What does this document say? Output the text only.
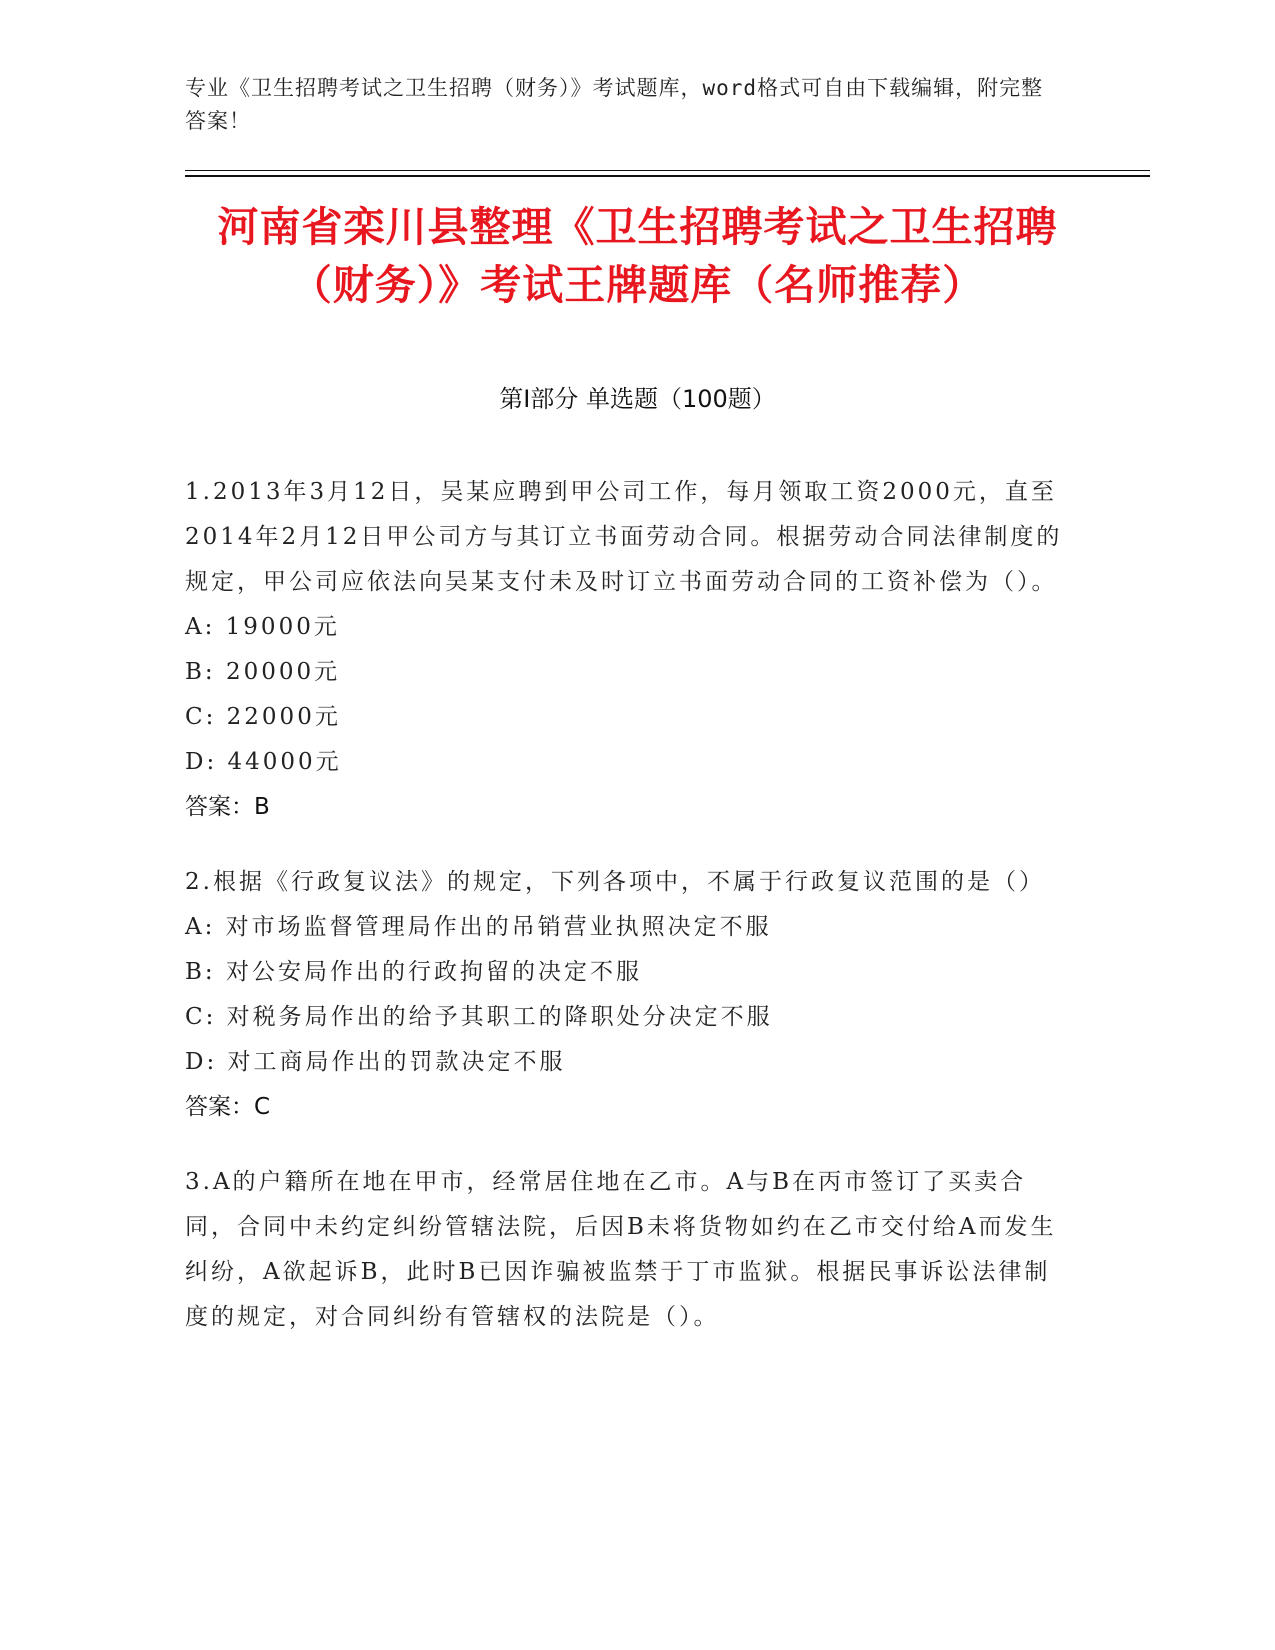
专业《卫生招聘考试之卫生招聘（财务）》考试题库，word格式可自由下载编辑，附完整答案！
河南省栾川县整理《卫生招聘考试之卫生招聘（财务）》考试王牌题库（名师推荐）
第I部分 单选题（100题）
1.2013年3月12日，吴某应聘到甲公司工作，每月领取工资2000元，直至2014年2月12日甲公司方与其订立书面劳动合同。根据劳动合同法律制度的规定，甲公司应依法向吴某支付未及时订立书面劳动合同的工资补偿为（）。
A: 19000元
B: 20000元
C: 22000元
D: 44000元
答案：B
2.根据《行政复议法》的规定，下列各项中，不属于行政复议范围的是（）
A: 对市场监督管理局作出的吊销营业执照决定不服
B: 对公安局作出的行政拘留的决定不服
C: 对税务局作出的给予其职工的降职处分决定不服
D: 对工商局作出的罚款决定不服
答案：C
3.A的户籍所在地在甲市，经常居住地在乙市。A与B在丙市签订了买卖合同，合同中未约定纠纷管辖法院，后因B未将货物如约在乙市交付给A而发生纠纷，A欲起诉B，此时B已因诈骗被监禁于丁市监狱。根据民事诉讼法律制度的规定，对合同纠纷有管辖权的法院是（）。
